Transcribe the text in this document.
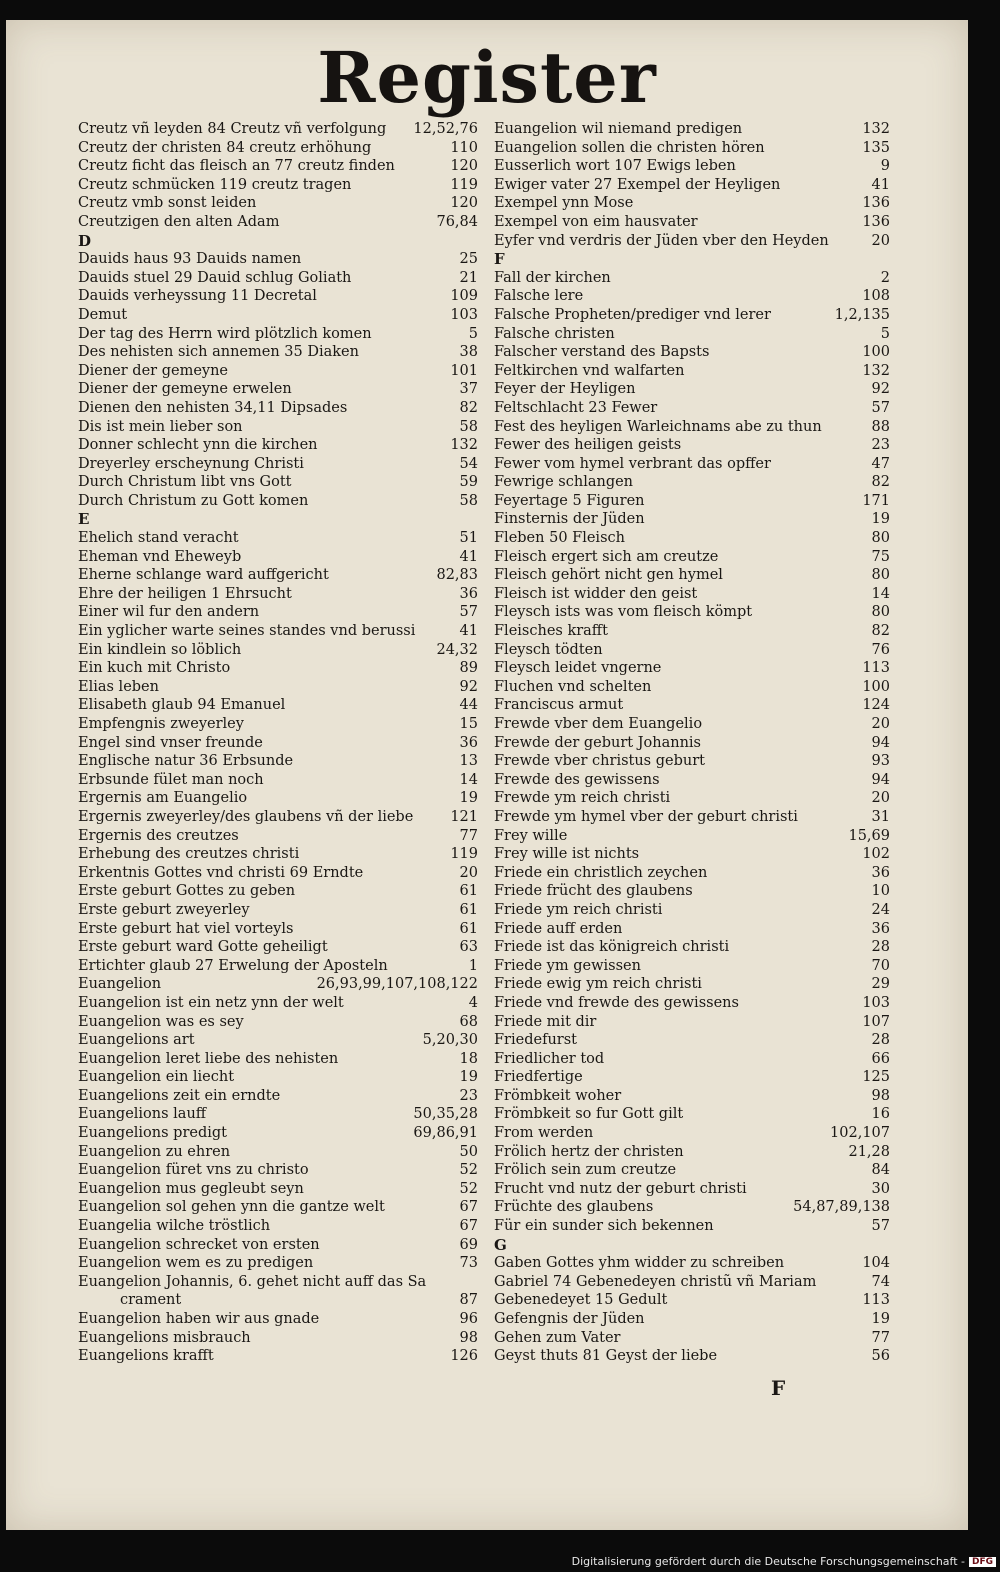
Register
Creutz vñ leyden 84 Creutz vñ verfolgung	12,52,76
Creutz der christen 84 creutz erhöhung	110
Creutz ficht das fleisch an 77 creutz finden	120
Creutz schmücken 119 creutz tragen	119
Creutz vmb sonst leiden	120
Creutzigen den alten Adam	76,84
D
Dauids haus 93 Dauids namen	25
Dauids stuel 29 Dauid schlug Goliath	21
Dauids verheyssung 11 Decretal	109
Demut	103
Der tag des Herrn wird plötzlich komen	5
Des nehisten sich annemen 35 Diaken	38
Diener der gemeyne	101
Diener der gemeyne erwelen	37
Dienen den nehisten 34,11 Dipsades	82
Dis ist mein lieber son	58
Donner schlecht ynn die kirchen	132
Dreyerley erscheynung Christi	54
Durch Christum libt vns Gott	59
Durch Christum zu Gott komen	58
E
Ehelich stand veracht	51
Eheman vnd Eheweyb	41
Eherne schlange ward auffgericht	82,83
Ehre der heiligen 1 Ehrsucht	36
Einer wil fur den andern	57
Ein yglicher warte seines standes vnd berussi	41
Ein kindlein so löblich	24,32
Ein kuch mit Christo	89
Elias leben	92
Elisabeth glaub 94 Emanuel	44
Empfengnis zweyerley	15
Engel sind vnser freunde	36
Englische natur 36 Erbsunde	13
Erbsunde fület man noch	14
Ergernis am Euangelio	19
Ergernis zweyerley/des glaubens vñ der liebe	121
Ergernis des creutzes	77
Erhebung des creutzes christi	119
Erkentnis Gottes vnd christi 69 Erndte	20
Erste geburt Gottes zu geben	61
Erste geburt zweyerley	61
Erste geburt hat viel vorteyls	61
Erste geburt ward Gotte geheiligt	63
Ertichter glaub 27 Erwelung der Aposteln	1
Euangelion	26,93,99,107,108,122
Euangelion ist ein netz ynn der welt	4
Euangelion was es sey	68
Euangelions art	5,20,30
Euangelion leret liebe des nehisten	18
Euangelion ein liecht	19
Euangelions zeit ein erndte	23
Euangelions lauff	50,35,28
Euangelions predigt	69,86,91
Euangelion zu ehren	50
Euangelion füret vns zu christo	52
Euangelion mus gegleubt seyn	52
Euangelion sol gehen ynn die gantze welt	67
Euangelia wilche tröstlich	67
Euangelion schrecket von ersten	69
Euangelion wem es zu predigen	73
Euangelion Johannis, 6. gehet nicht auff das Sa
crament	87
Euangelion haben wir aus gnade	96
Euangelions misbrauch	98
Euangelions krafft	126
Euangelion wil niemand predigen	132
Euangelion sollen die christen hören	135
Eusserlich wort 107 Ewigs leben	9
Ewiger vater 27 Exempel der Heyligen	41
Exempel ynn Mose	136
Exempel von eim hausvater	136
Eyfer vnd verdris der Jüden vber den Heyden	20
F
Fall der kirchen	2
Falsche lere	108
Falsche Propheten/prediger vnd lerer	1,2,135
Falsche christen	5
Falscher verstand des Bapsts	100
Feltkirchen vnd walfarten	132
Feyer der Heyligen	92
Feltschlacht 23 Fewer	57
Fest des heyligen Warleichnams abe zu thun	88
Fewer des heiligen geists	23
Fewer vom hymel verbrant das opffer	47
Fewrige schlangen	82
Feyertage 5 Figuren	171
Finsternis der Jüden	19
Fleben 50 Fleisch	80
Fleisch ergert sich am creutze	75
Fleisch gehört nicht gen hymel	80
Fleisch ist widder den geist	14
Fleysch ists was vom fleisch kömpt	80
Fleisches krafft	82
Fleysch tödten	76
Fleysch leidet vngerne	113
Fluchen vnd schelten	100
Franciscus armut	124
Frewde vber dem Euangelio	20
Frewde der geburt Johannis	94
Frewde vber christus geburt	93
Frewde des gewissens	94
Frewde ym reich christi	20
Frewde ym hymel vber der geburt christi	31
Frey wille	15,69
Frey wille ist nichts	102
Friede ein christlich zeychen	36
Friede frücht des glaubens	10
Friede ym reich christi	24
Friede auff erden	36
Friede ist das königreich christi	28
Friede ym gewissen	70
Friede ewig ym reich christi	29
Friede vnd frewde des gewissens	103
Friede mit dir	107
Friedefurst	28
Friedlicher tod	66
Friedfertige	125
Frömbkeit woher	98
Frömbkeit so fur Gott gilt	16
From werden	102,107
Frölich hertz der christen	21,28
Frölich sein zum creutze	84
Frucht vnd nutz der geburt christi	30
Früchte des glaubens	54,87,89,138
Für ein sunder sich bekennen	57
G
Gaben Gottes yhm widder zu schreiben	104
Gabriel 74 Gebenedeyen christũ vñ Mariam	74
Gebenedeyet 15 Gedult	113
Gefengnis der Jüden	19
Gehen zum Vater	77
Geyst thuts 81 Geyst der liebe	56
F
Digitalisierung gefördert durch die Deutsche Forschungsgemeinschaft - DFG
